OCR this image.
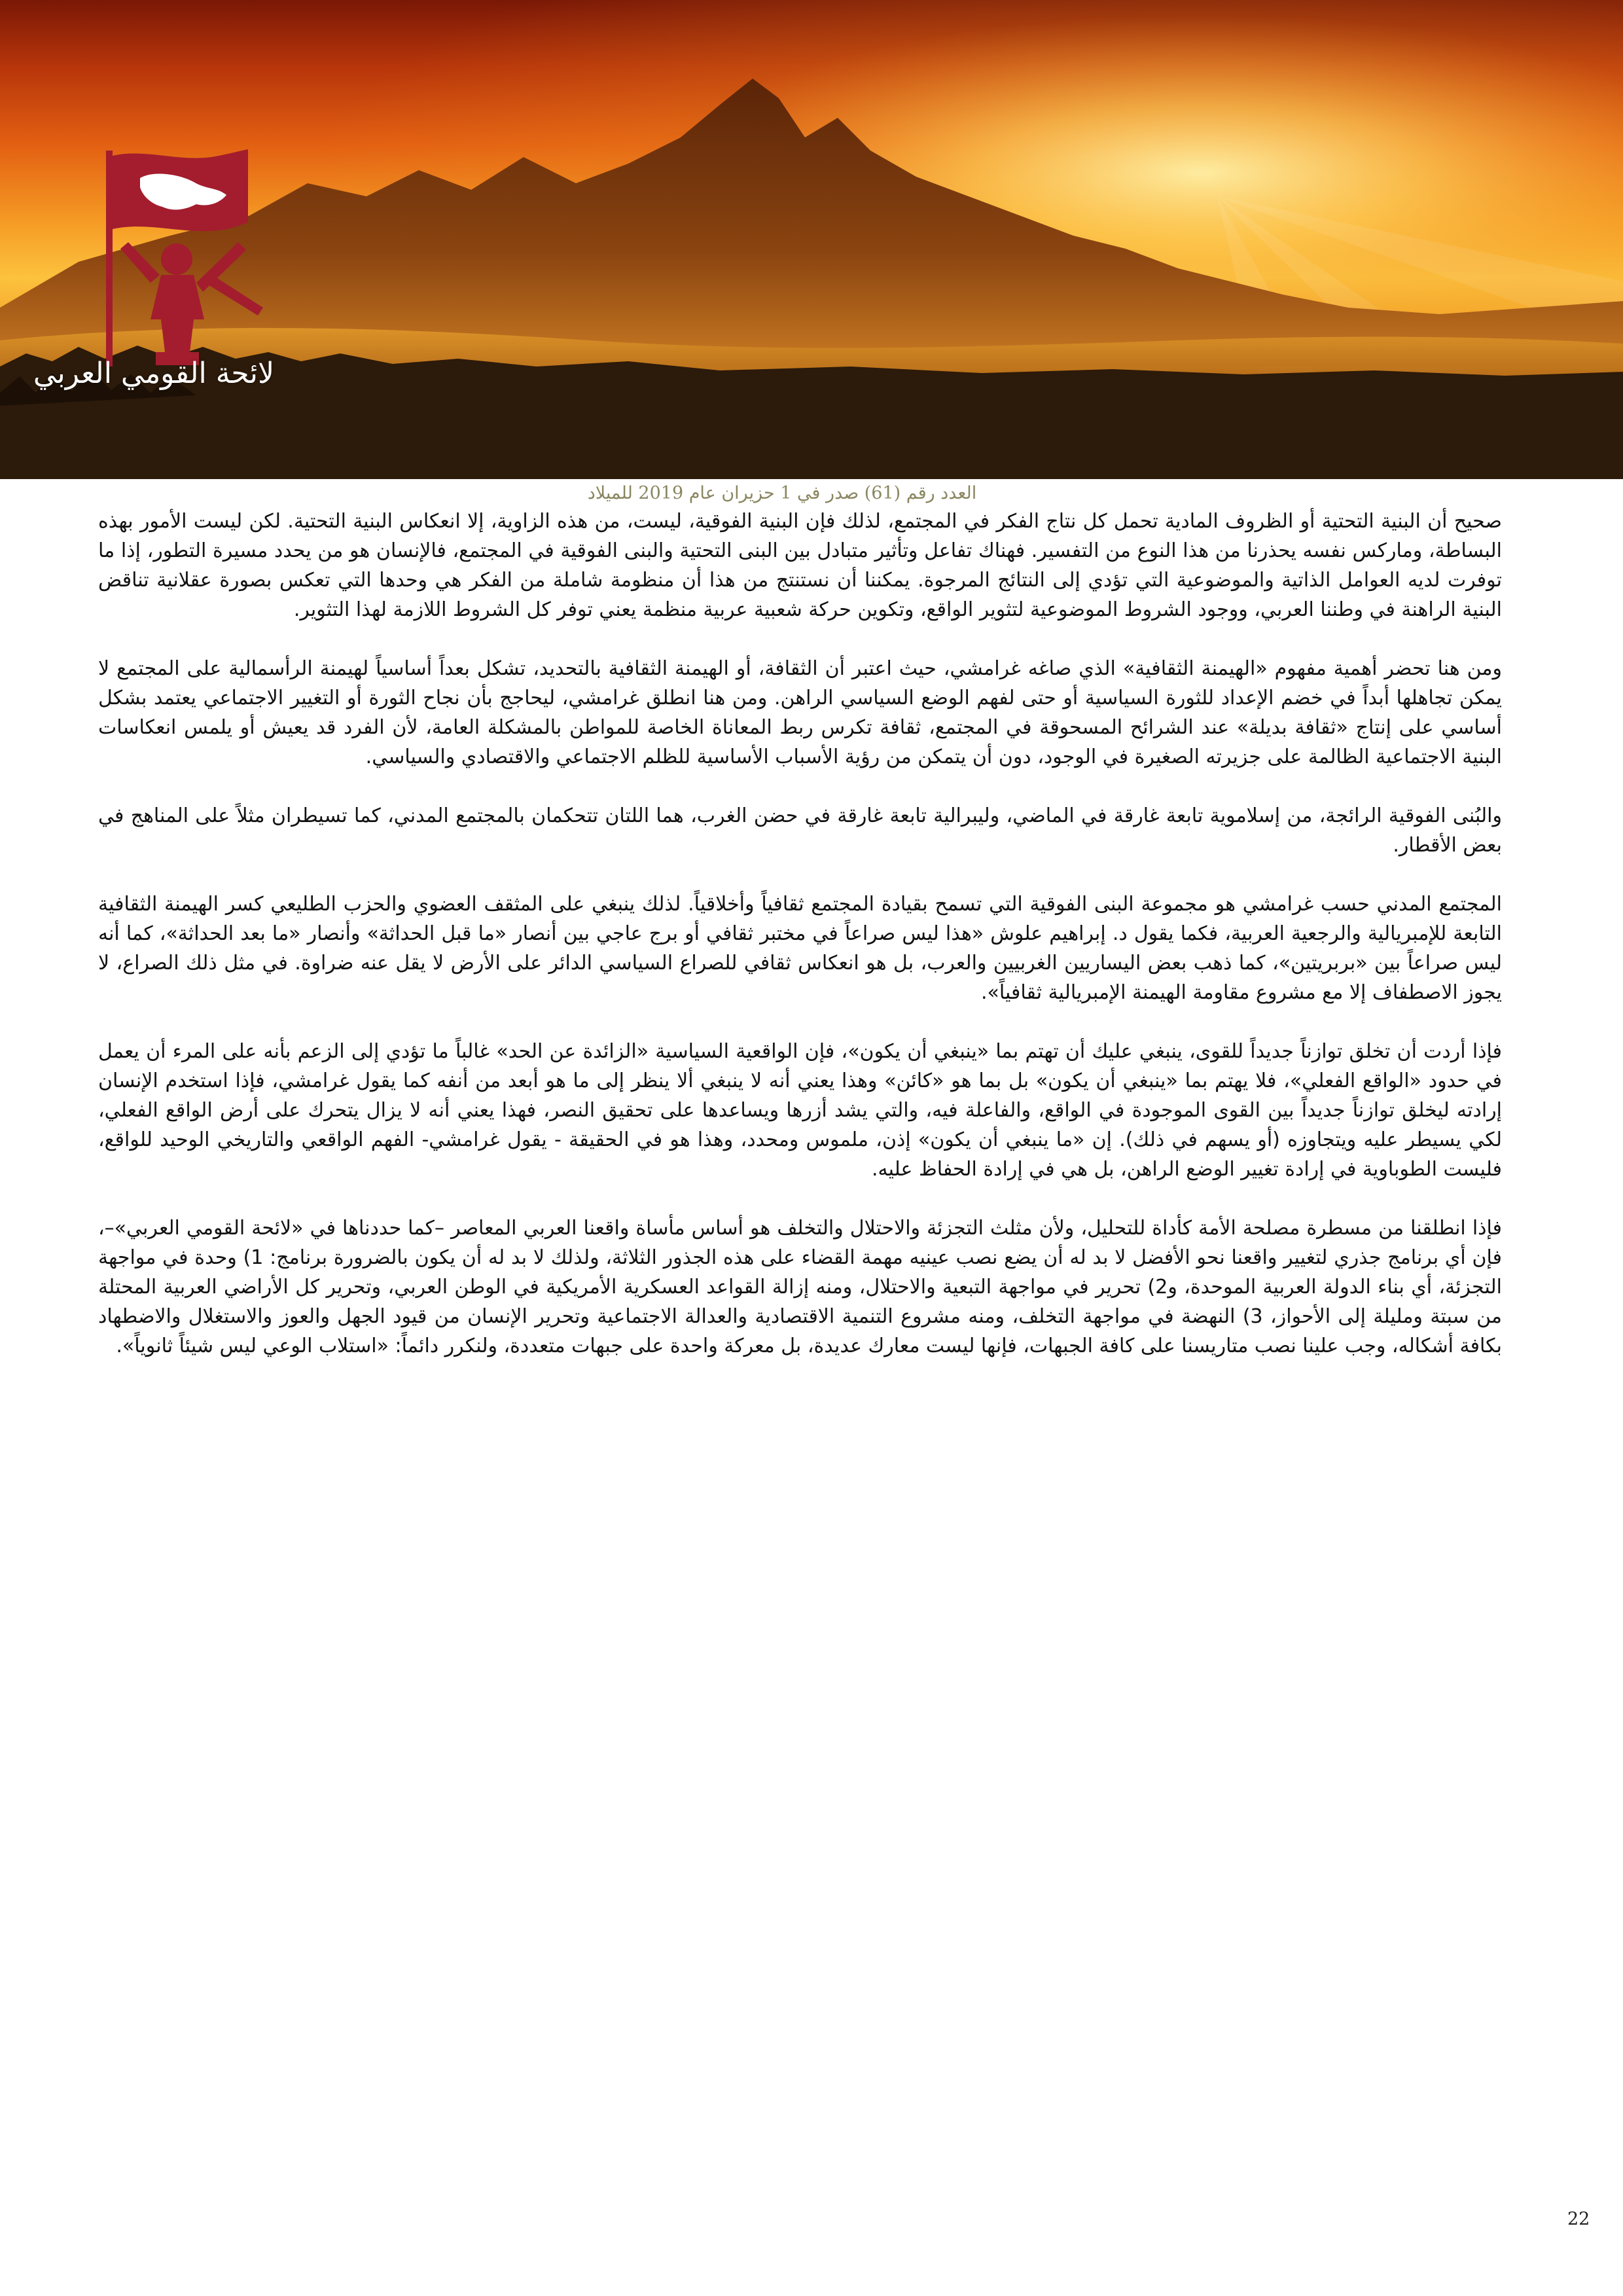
لائحة القومي العربي
العدد رقم (61) صدر في 1 حزيران عام 2019 للميلاد

صحيح أن البنية التحتية أو الظروف المادية تحمل كل نتاج الفكر في المجتمع، لذلك فإن البنية الفوقية، ليست، من هذه الزاوية، إلا انعكاس البنية التحتية. لكن ليست الأمور بهذه البساطة، وماركس نفسه يحذرنا من هذا النوع من التفسير. فهناك تفاعل وتأثير متبادل بين البنى التحتية والبنى الفوقية في المجتمع، فالإنسان هو من يحدد مسيرة التطور، إذا ما توفرت لديه العوامل الذاتية والموضوعية التي تؤدي إلى النتائج المرجوة. يمكننا أن نستنتج من هذا أن منظومة شاملة من الفكر هي وحدها التي تعكس بصورة عقلانية تناقض البنية الراهنة في وطننا العربي، ووجود الشروط الموضوعية لتثوير الواقع، وتكوين حركة شعبية عربية منظمة يعني توفر كل الشروط اللازمة لهذا التثوير.

ومن هنا تحضر أهمية مفهوم «الهيمنة الثقافية» الذي صاغه غرامشي، حيث اعتبر أن الثقافة، أو الهيمنة الثقافية بالتحديد، تشكل بعداً أساسياً لهيمنة الرأسمالية على المجتمع لا يمكن تجاهلها أبداً في خضم الإعداد للثورة السياسية أو حتى لفهم الوضع السياسي الراهن. ومن هنا انطلق غرامشي، ليحاجج بأن نجاح الثورة أو التغيير الاجتماعي يعتمد بشكل أساسي على إنتاج «ثقافة بديلة» عند الشرائح المسحوقة في المجتمع، ثقافة تكرس ربط المعاناة الخاصة للمواطن بالمشكلة العامة، لأن الفرد قد يعيش أو يلمس انعكاسات البنية الاجتماعية الظالمة على جزيرته الصغيرة في الوجود، دون أن يتمكن من رؤية الأسباب الأساسية للظلم الاجتماعي والاقتصادي والسياسي.

والبُنى الفوقية الرائجة، من إسلاموية تابعة غارقة في الماضي، وليبرالية تابعة غارقة في حضن الغرب، هما اللتان تتحكمان بالمجتمع المدني، كما تسيطران مثلاً على المناهج في بعض الأقطار.

المجتمع المدني حسب غرامشي هو مجموعة البنى الفوقية التي تسمح بقيادة المجتمع ثقافياً وأخلاقياً. لذلك ينبغي على المثقف العضوي والحزب الطليعي كسر الهيمنة الثقافية التابعة للإمبريالية والرجعية العربية، فكما يقول د. إبراهيم علوش «هذا ليس صراعاً في مختبر ثقافي أو برج عاجي بين أنصار «ما قبل الحداثة» وأنصار «ما بعد الحداثة»، كما أنه ليس صراعاً بين «بربريتين»، كما ذهب بعض اليساريين الغربيين والعرب، بل هو انعكاس ثقافي للصراع السياسي الدائر على الأرض لا يقل عنه ضراوة. في مثل ذلك الصراع، لا يجوز الاصطفاف إلا مع مشروع مقاومة الهيمنة الإمبريالية ثقافياً».

فإذا أردت أن تخلق توازناً جديداً للقوى، ينبغي عليك أن تهتم بما «ينبغي أن يكون»، فإن الواقعية السياسية «الزائدة عن الحد» غالباً ما تؤدي إلى الزعم بأنه على المرء أن يعمل في حدود «الواقع الفعلي»، فلا يهتم بما «ينبغي أن يكون» بل بما هو «كائن» وهذا يعني أنه لا ينبغي ألا ينظر إلى ما هو أبعد من أنفه كما يقول غرامشي، فإذا استخدم الإنسان إرادته ليخلق توازناً جديداً بين القوى الموجودة في الواقع، والفاعلة فيه، والتي يشد أزرها ويساعدها على تحقيق النصر، فهذا يعني أنه لا يزال يتحرك على أرض الواقع الفعلي، لكي يسيطر عليه ويتجاوزه (أو يسهم في ذلك). إن «ما ينبغي أن يكون» إذن، ملموس ومحدد، وهذا هو في الحقيقة - يقول غرامشي- الفهم الواقعي والتاريخي الوحيد للواقع، فليست الطوباوية في إرادة تغيير الوضع الراهن، بل هي في إرادة الحفاظ عليه.

فإذا انطلقنا من مسطرة مصلحة الأمة كأداة للتحليل، ولأن مثلث التجزئة والاحتلال والتخلف هو أساس مأساة واقعنا العربي المعاصر –كما حددناها في «لائحة القومي العربي»–، فإن أي برنامج جذري لتغيير واقعنا نحو الأفضل لا بد له أن يضع نصب عينيه مهمة القضاء على هذه الجذور الثلاثة، ولذلك لا بد له أن يكون بالضرورة برنامج: 1) وحدة في مواجهة التجزئة، أي بناء الدولة العربية الموحدة، و2) تحرير في مواجهة التبعية والاحتلال، ومنه إزالة القواعد العسكرية الأمريكية في الوطن العربي، وتحرير كل الأراضي العربية المحتلة من سبتة ومليلة إلى الأحواز، 3) النهضة في مواجهة التخلف، ومنه مشروع التنمية الاقتصادية والعدالة الاجتماعية وتحرير الإنسان من قيود الجهل والعوز والاستغلال والاضطهاد بكافة أشكاله، وجب علينا نصب متاريسنا على كافة الجبهات، فإنها ليست معارك عديدة، بل معركة واحدة على جبهات متعددة، ولنكرر دائماً: «استلاب الوعي ليس شيئاً ثانوياً».

22
